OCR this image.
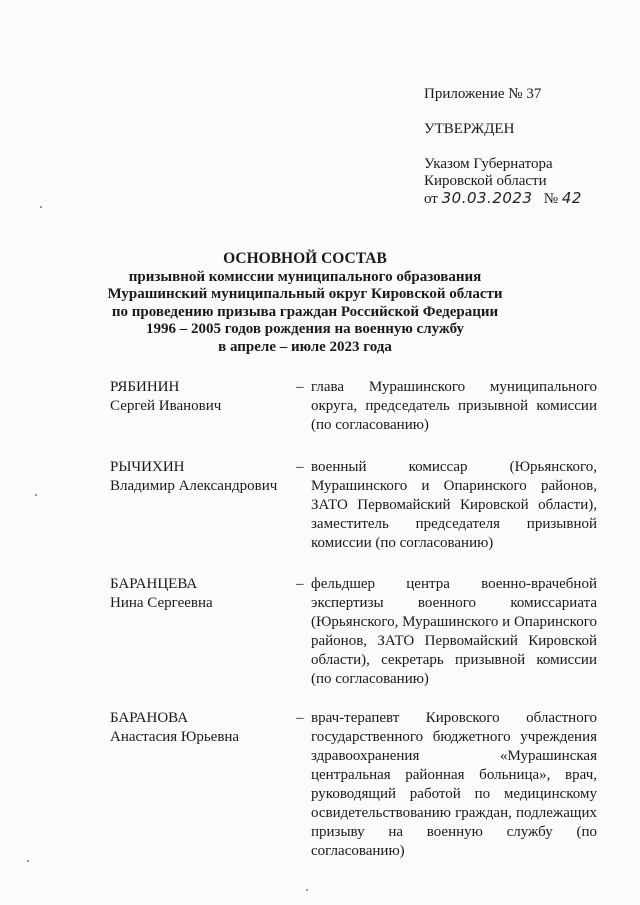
Приложение № 37
УТВЕРЖДЕН
Указом Губернатора
Кировской области
от 30.03.2023 № 42
ОСНОВНОЙ СОСТАВ
призывной комиссии муниципального образования
Мурашинский муниципальный округ Кировской области
по проведению призыва граждан Российской Федерации
1996 – 2005 годов рождения на военную службу
в апреле – июле 2023 года
РЯБИНИН
Сергей Иванович
– глава Мурашинского муниципального округа, председатель призывной комиссии (по согласованию)
РЫЧИХИН
Владимир Александрович
– военный комиссар (Юрьянского, Мурашинского и Опаринского районов, ЗАТО Первомайский Кировской области), заместитель председателя призывной комиссии (по согласованию)
БАРАНЦЕВА
Нина Сергеевна
– фельдшер центра военно-врачебной экспертизы военного комиссариата (Юрьянского, Мурашинского и Опаринского районов, ЗАТО Первомайский Кировской области), секретарь призывной комиссии (по согласованию)
БАРАНОВА
Анастасия Юрьевна
– врач-терапевт Кировского областного государственного бюджетного учреждения здравоохранения «Мурашинская центральная районная больница», врач, руководящий работой по медицинскому освидетельствованию граждан, подлежащих призыву на военную службу (по согласованию)
